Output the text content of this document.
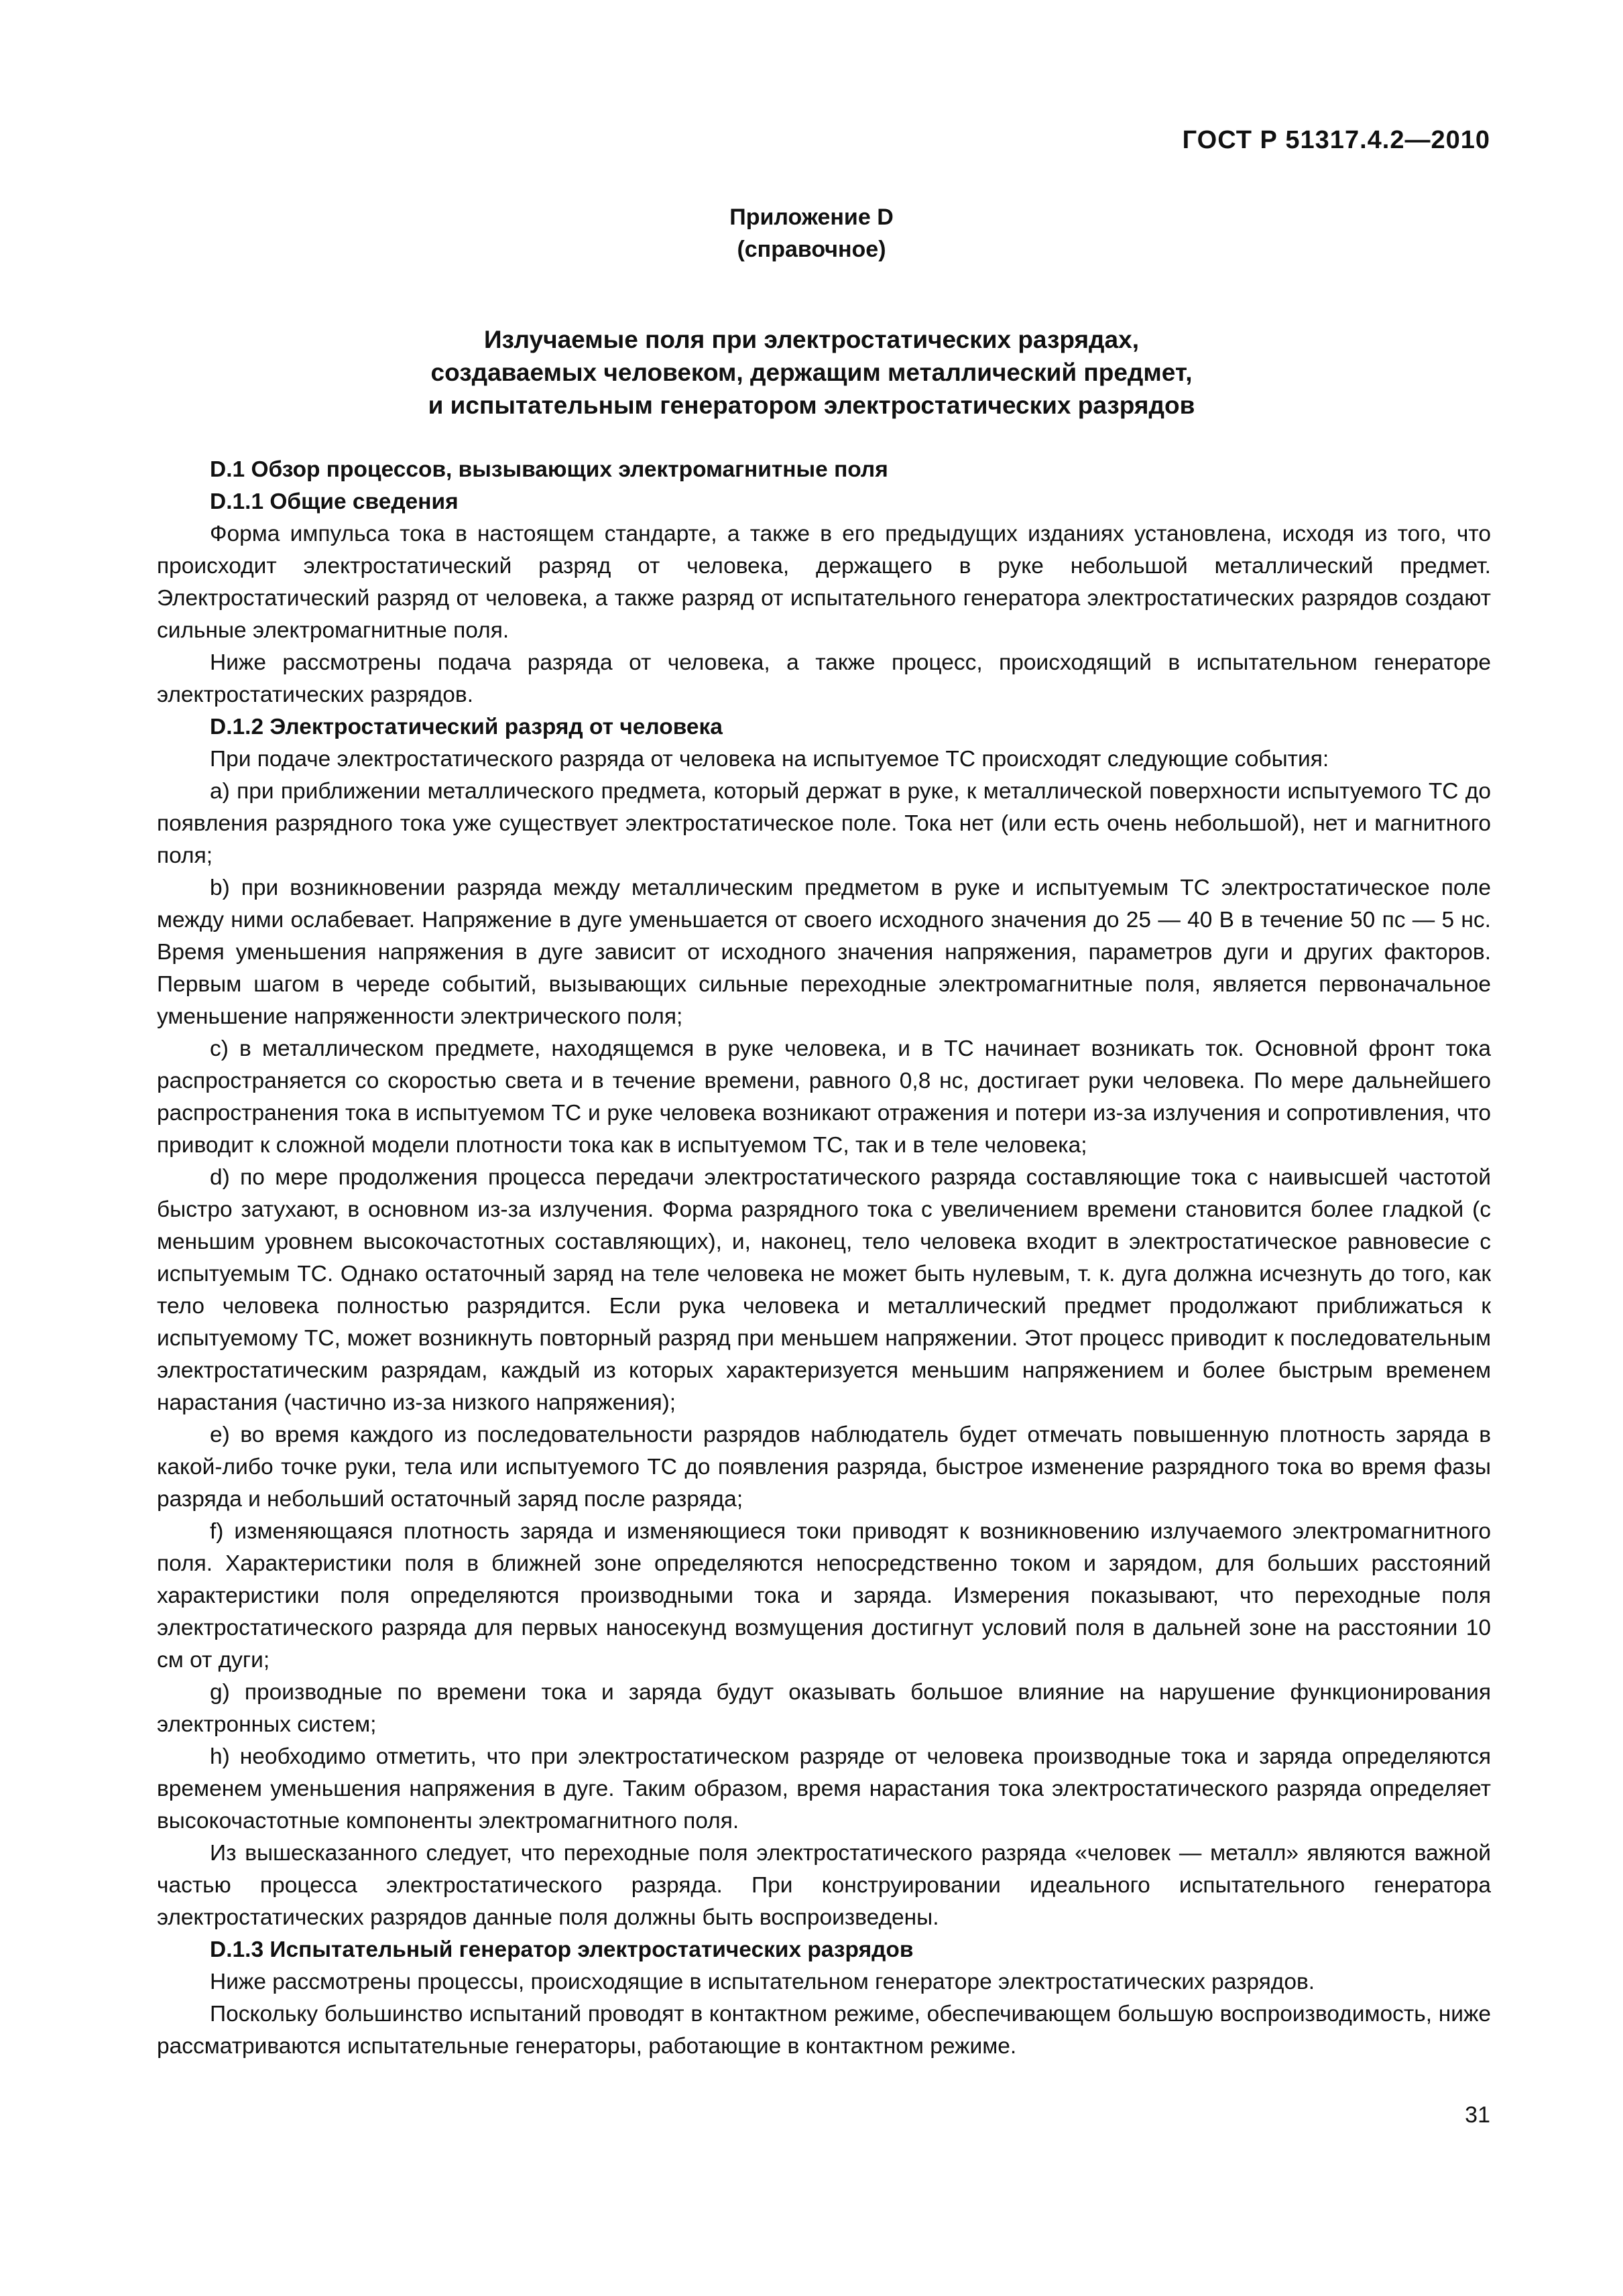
ГОСТ Р 51317.4.2—2010
Приложение D
(справочное)
Излучаемые поля при электростатических разрядах,
создаваемых человеком, держащим металлический предмет,
и испытательным генератором электростатических разрядов

D.1 Обзор процессов, вызывающих электромагнитные поля

D.1.1 Общие сведения

Форма импульса тока в настоящем стандарте, а также в его предыдущих изданиях установлена, исходя из того, что происходит электростатический разряд от человека, держащего в руке небольшой металлический предмет. Электростатический разряд от человека, а также разряд от испытательного генератора электростатических разрядов создают сильные электромагнитные поля.

Ниже рассмотрены подача разряда от человека, а также процесс, происходящий в испытательном генераторе электростатических разрядов.

D.1.2 Электростатический разряд от человека

При подаче электростатического разряда от человека на испытуемое ТС происходят следующие события:

a) при приближении металлического предмета, который держат в руке, к металлической поверхности испытуемого ТС до появления разрядного тока уже существует электростатическое поле. Тока нет (или есть очень небольшой), нет и магнитного поля;

b) при возникновении разряда между металлическим предметом в руке и испытуемым ТС электростатическое поле между ними ослабевает. Напряжение в дуге уменьшается от своего исходного значения до 25 — 40 В в течение 50 пс — 5 нс. Время уменьшения напряжения в дуге зависит от исходного значения напряжения, параметров дуги и других факторов. Первым шагом в череде событий, вызывающих сильные переходные электромагнитные поля, является первоначальное уменьшение напряженности электрического поля;

c) в металлическом предмете, находящемся в руке человека, и в ТС начинает возникать ток. Основной фронт тока распространяется со скоростью света и в течение времени, равного 0,8 нс, достигает руки человека. По мере дальнейшего распространения тока в испытуемом ТС и руке человека возникают отражения и потери из-за излучения и сопротивления, что приводит к сложной модели плотности тока как в испытуемом ТС, так и в теле человека;

d) по мере продолжения процесса передачи электростатического разряда составляющие тока с наивысшей частотой быстро затухают, в основном из-за излучения. Форма разрядного тока с увеличением времени становится более гладкой (с меньшим уровнем высокочастотных составляющих), и, наконец, тело человека входит в электростатическое равновесие с испытуемым ТС. Однако остаточный заряд на теле человека не может быть нулевым, т. к. дуга должна исчезнуть до того, как тело человека полностью разрядится. Если рука человека и металлический предмет продолжают приближаться к испытуемому ТС, может возникнуть повторный разряд при меньшем напряжении. Этот процесс приводит к последовательным электростатическим разрядам, каждый из которых характеризуется меньшим напряжением и более быстрым временем нарастания (частично из-за низкого напряжения);

e) во время каждого из последовательности разрядов наблюдатель будет отмечать повышенную плотность заряда в какой-либо точке руки, тела или испытуемого ТС до появления разряда, быстрое изменение разрядного тока во время фазы разряда и небольший остаточный заряд после разряда;

f) изменяющаяся плотность заряда и изменяющиеся токи приводят к возникновению излучаемого электромагнитного поля. Характеристики поля в ближней зоне определяются непосредственно током и зарядом, для больших расстояний характеристики поля определяются производными тока и заряда. Измерения показывают, что переходные поля электростатического разряда для первых наносекунд возмущения достигнут условий поля в дальней зоне на расстоянии 10 см от дуги;

g) производные по времени тока и заряда будут оказывать большое влияние на нарушение функционирования электронных систем;

h) необходимо отметить, что при электростатическом разряде от человека производные тока и заряда определяются временем уменьшения напряжения в дуге. Таким образом, время нарастания тока электростатического разряда определяет высокочастотные компоненты электромагнитного поля.

Из вышесказанного следует, что переходные поля электростатического разряда «человек — металл» являются важной частью процесса электростатического разряда. При конструировании идеального испытательного генератора электростатических разрядов данные поля должны быть воспроизведены.

D.1.3 Испытательный генератор электростатических разрядов

Ниже рассмотрены процессы, происходящие в испытательном генераторе электростатических разрядов.

Поскольку большинство испытаний проводят в контактном режиме, обеспечивающем большую воспроизводимость, ниже рассматриваются испытательные генераторы, работающие в контактном режиме.

31
